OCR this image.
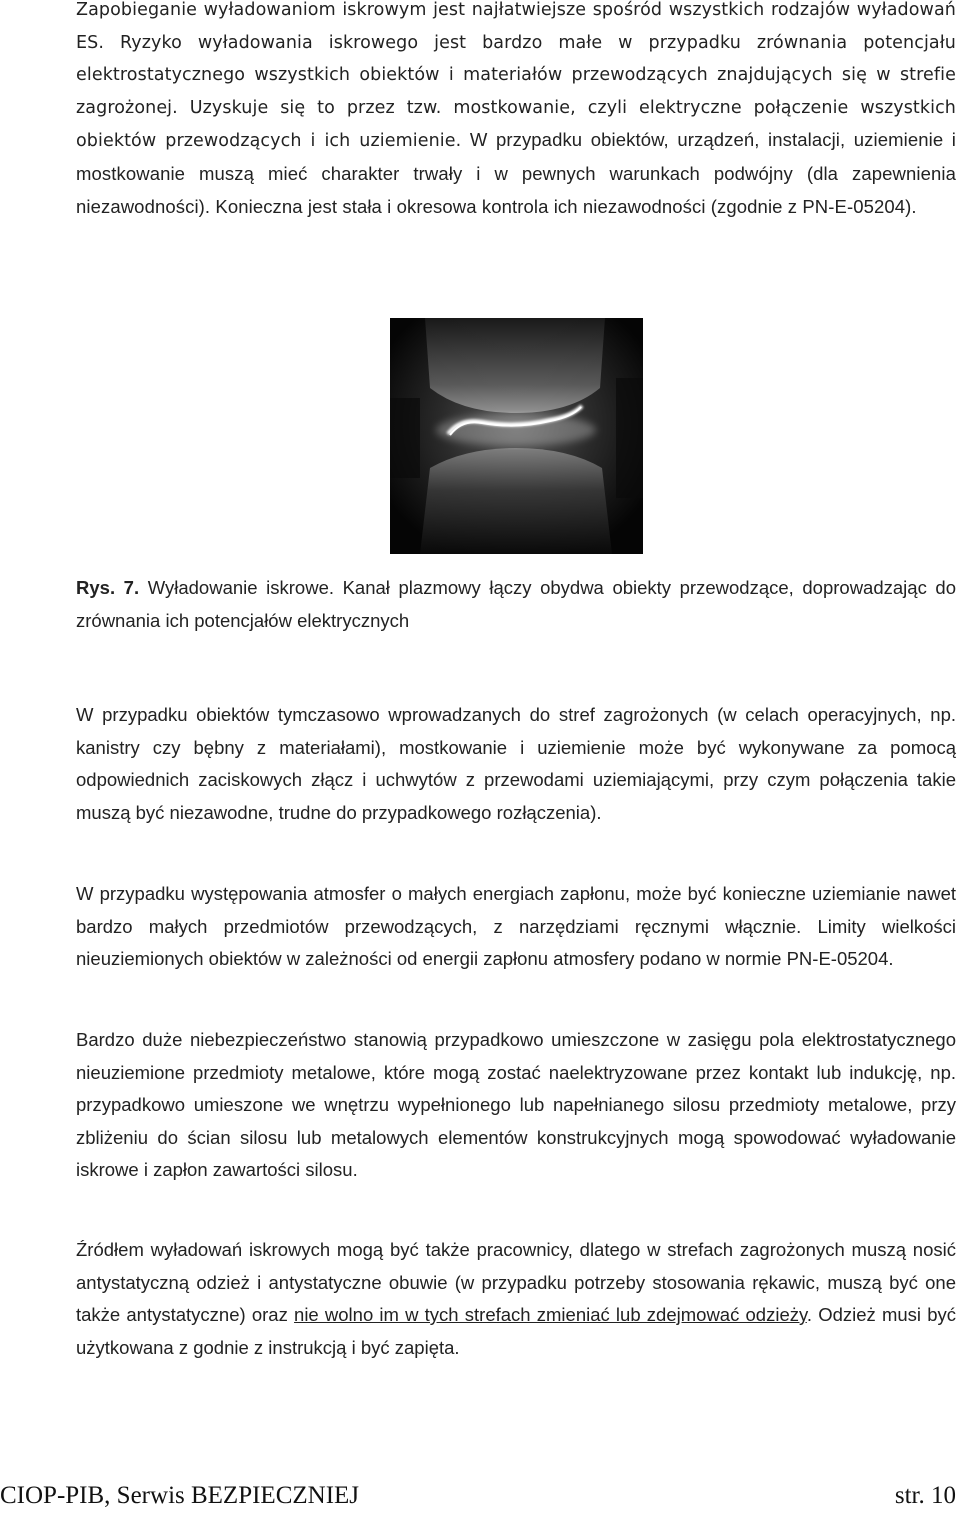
Zapobieganie wyładowaniom iskrowym jest najłatwiejsze spośród wszystkich rodzajów wyładowań ES. Ryzyko wyładowania iskrowego jest bardzo małe w przypadku zrównania potencjału elektrostatycznego wszystkich obiektów i materiałów przewodzących znajdujących się w strefie zagrożonej. Uzyskuje się to przez tzw. mostkowanie, czyli elektryczne połączenie wszystkich obiektów przewodzących i ich uziemienie. W przypadku obiektów, urządzeń, instalacji, uziemienie i mostkowanie muszą mieć charakter trwały i w pewnych warunkach podwójny (dla zapewnienia niezawodności). Konieczna jest stała i okresowa kontrola ich niezawodności (zgodnie z PN-E-05204).

Rys. 7. Wyładowanie iskrowe. Kanał plazmowy łączy obydwa obiekty przewodzące, doprowadzając do zrównania ich potencjałów elektrycznych

W przypadku obiektów tymczasowo wprowadzanych do stref zagrożonych (w celach operacyjnych, np. kanistry czy bębny z materiałami), mostkowanie i uziemienie może być wykonywane za pomocą odpowiednich zaciskowych złącz i uchwytów z przewodami uziemiającymi, przy czym połączenia takie muszą być niezawodne, trudne do przypadkowego rozłączenia).

W przypadku występowania atmosfer o małych energiach zapłonu, może być konieczne uziemianie nawet bardzo małych przedmiotów przewodzących, z narzędziami ręcznymi włącznie. Limity wielkości nieuziemionych obiektów w zależności od energii zapłonu atmosfery podano w normie PN-E-05204.

Bardzo duże niebezpieczeństwo stanowią przypadkowo umieszczone w zasięgu pola elektrostatycznego nieuziemione przedmioty metalowe, które mogą zostać naelektryzowane przez kontakt lub indukcję, np. przypadkowo umieszone we wnętrzu wypełnionego lub napełnianego silosu przedmioty metalowe, przy zbliżeniu do ścian silosu lub metalowych elementów konstrukcyjnych mogą spowodować wyładowanie iskrowe i zapłon zawartości silosu.

Źródłem wyładowań iskrowych mogą być także pracownicy, dlatego w strefach zagrożonych muszą nosić antystatyczną odzież i antystatyczne obuwie (w przypadku potrzeby stosowania rękawic, muszą być one także antystatyczne) oraz nie wolno im w tych strefach zmieniać lub zdejmować odzieży. Odzież musi być użytkowana z godnie z instrukcją i być zapięta.

CIOP-PIB, Serwis BEZPIECZNIEJ	str. 10
